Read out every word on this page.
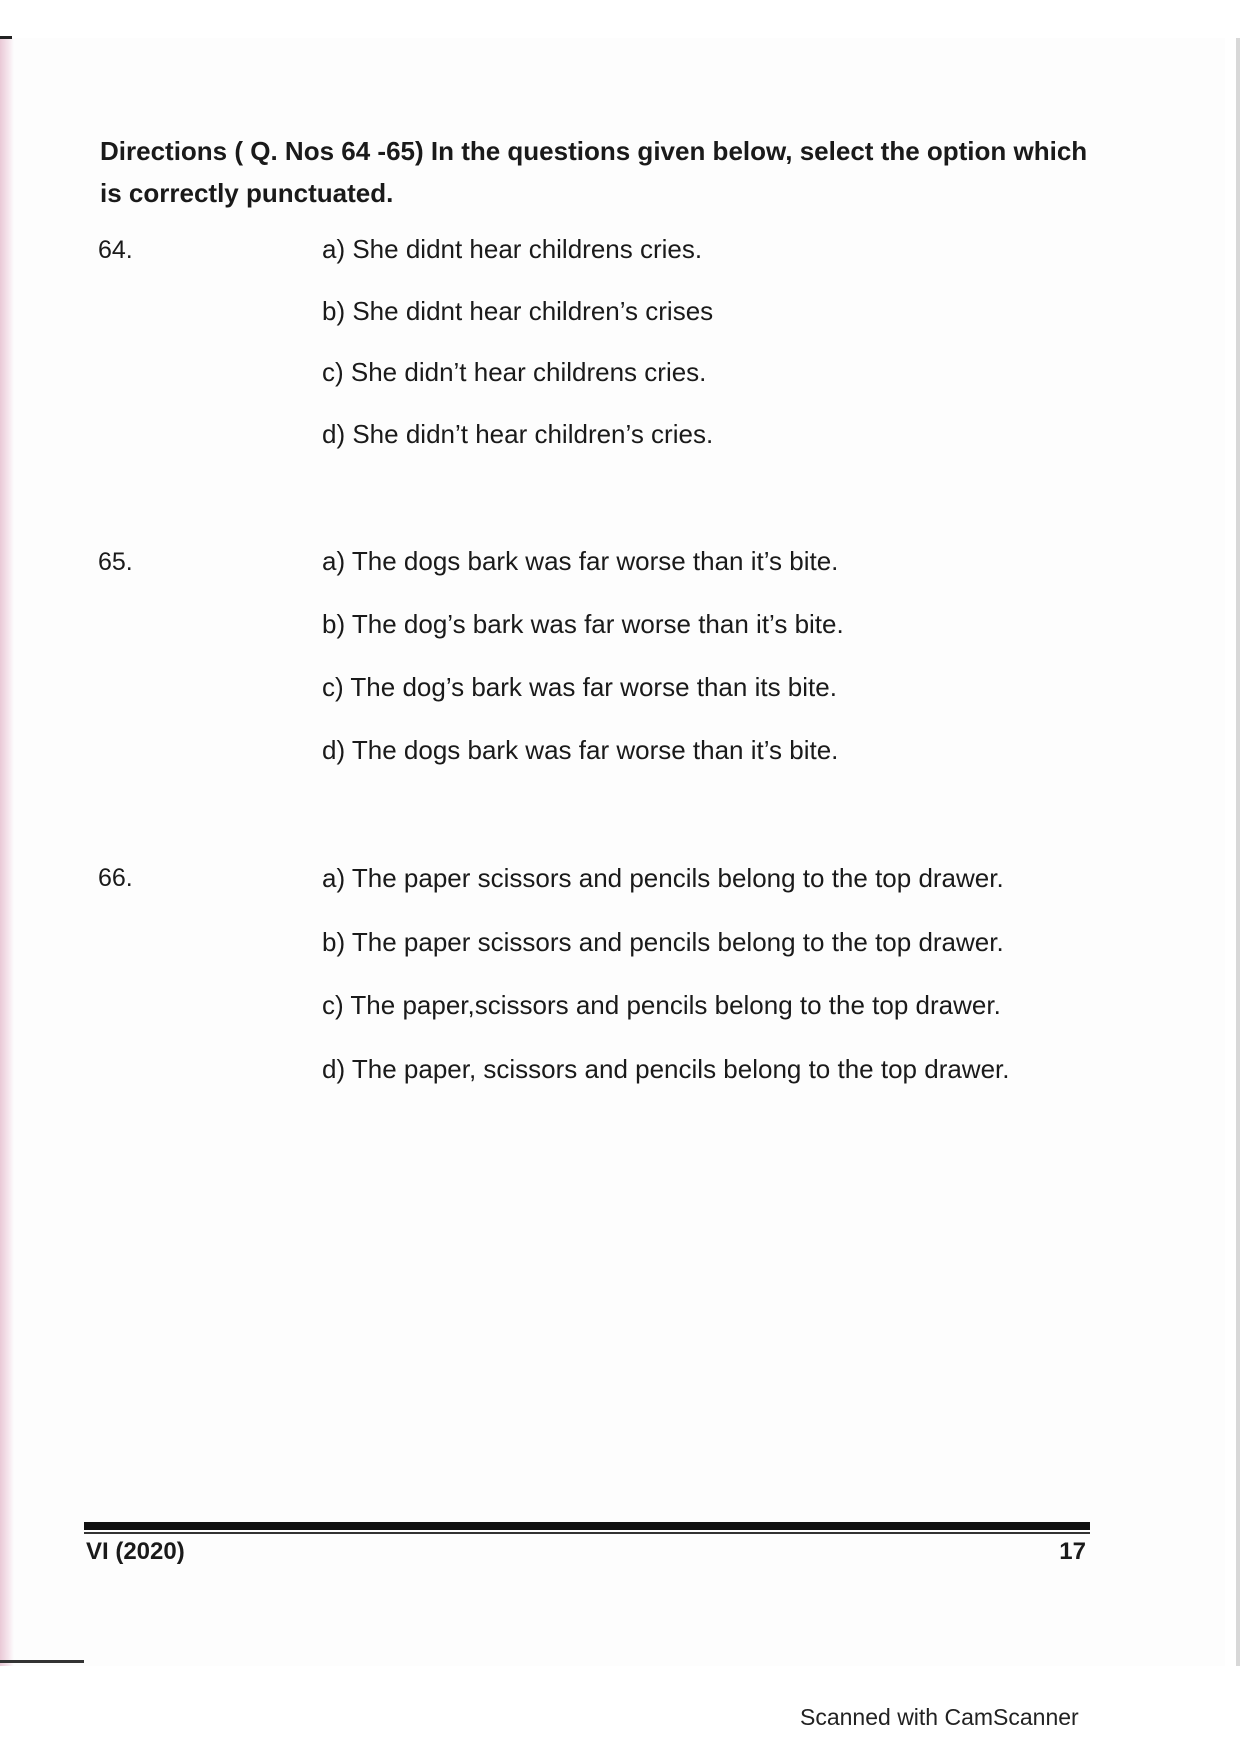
Directions ( Q. Nos 64 -65) In the questions given below, select the option which is correctly punctuated.
64.	a) She didnt hear childrens cries.
b) She didnt hear children’s crises
c) She didn’t hear childrens cries.
d) She didn’t hear children’s cries.
65.	a) The dogs bark was far worse than it’s bite.
b) The dog’s bark was far worse than it’s bite.
c) The dog’s bark was far worse than its bite.
d) The dogs bark was far worse than it’s bite.
66.	a) The paper scissors and pencils belong to the top drawer.
b) The paper scissors and pencils belong to the top drawer.
c) The paper,scissors and pencils belong to the top drawer.
d) The paper, scissors and pencils belong to the top drawer.
VI (2020)	17
Scanned with CamScanner
